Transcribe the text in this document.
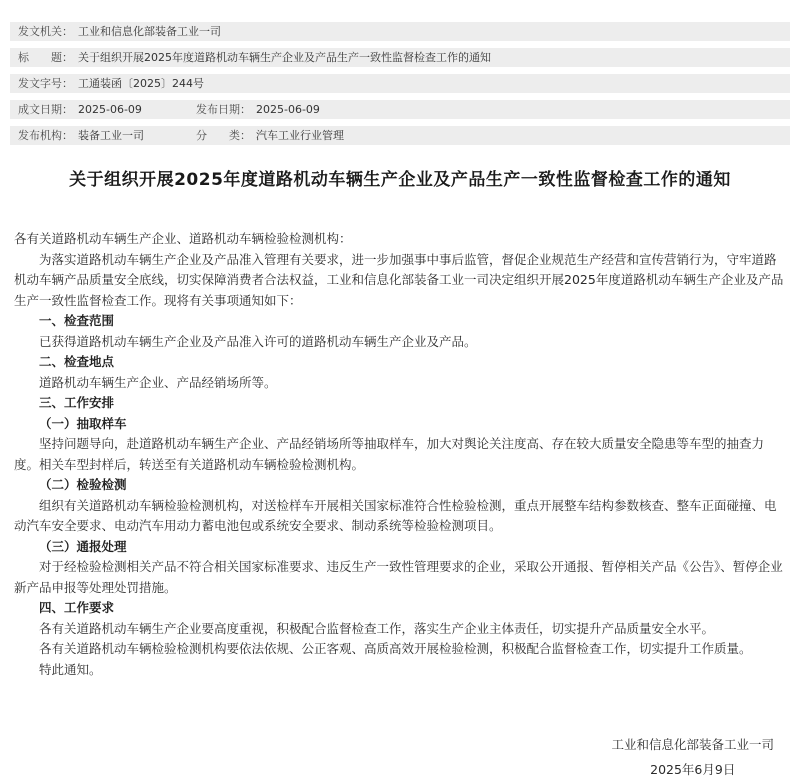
发文机关： 工业和信息化部装备工业一司
标　　题： 关于组织开展2025年度道路机动车辆生产企业及产品生产一致性监督检查工作的通知
发文字号： 工通装函〔2025〕244号
成文日期： 2025-06-09	发布日期： 2025-06-09
发布机构： 装备工业一司	分　　类： 汽车工业行业管理
关于组织开展2025年度道路机动车辆生产企业及产品生产一致性监督检查工作的通知

各有关道路机动车辆生产企业、道路机动车辆检验检测机构：

为落实道路机动车辆生产企业及产品准入管理有关要求，进一步加强事中事后监管，督促企业规范生产经营和宣传营销行为，守牢道路机动车辆产品质量安全底线，切实保障消费者合法权益，工业和信息化部装备工业一司决定组织开展2025年度道路机动车辆生产企业及产品生产一致性监督检查工作。现将有关事项通知如下：

一、检查范围

已获得道路机动车辆生产企业及产品准入许可的道路机动车辆生产企业及产品。

二、检查地点

道路机动车辆生产企业、产品经销场所等。

三、工作安排

（一）抽取样车

坚持问题导向，赴道路机动车辆生产企业、产品经销场所等抽取样车，加大对舆论关注度高、存在较大质量安全隐患等车型的抽查力度。相关车型封样后，转送至有关道路机动车辆检验检测机构。

（二）检验检测

组织有关道路机动车辆检验检测机构，对送检样车开展相关国家标准符合性检验检测，重点开展整车结构参数核查、整车正面碰撞、电动汽车安全要求、电动汽车用动力蓄电池包或系统安全要求、制动系统等检验检测项目。

（三）通报处理

对于经检验检测相关产品不符合相关国家标准要求、违反生产一致性管理要求的企业，采取公开通报、暂停相关产品《公告》、暂停企业新产品申报等处理处罚措施。

四、工作要求

各有关道路机动车辆生产企业要高度重视，积极配合监督检查工作，落实生产企业主体责任，切实提升产品质量安全水平。

各有关道路机动车辆检验检测机构要依法依规、公正客观、高质高效开展检验检测，积极配合监督检查工作，切实提升工作质量。

特此通知。

工业和信息化部装备工业一司
2025年6月9日
